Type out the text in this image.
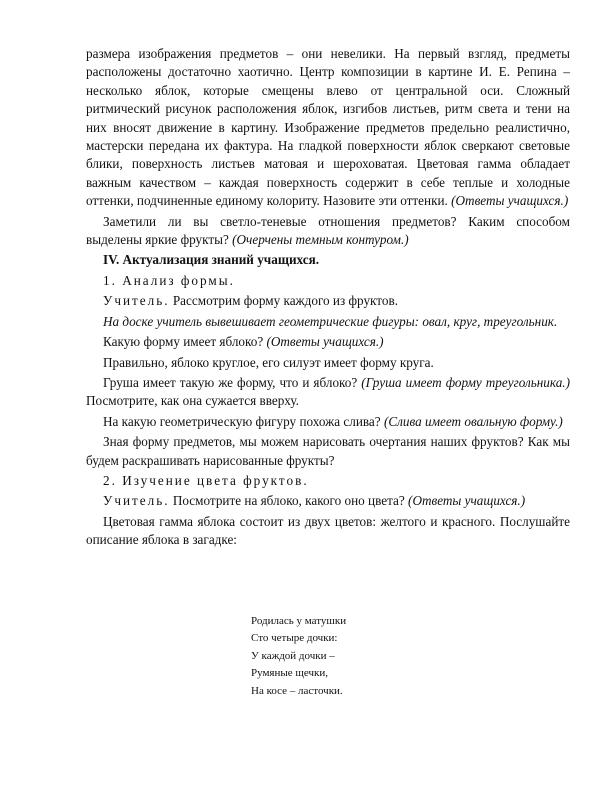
размера изображения предметов – они невелики. На первый взгляд, предметы расположены достаточно хаотично. Центр композиции в картине И. Е. Репина – несколько яблок, которые смещены влево от центральной оси. Сложный ритмический рисунок расположения яблок, изгибов листьев, ритм света и тени на них вносят движение в картину. Изображение предметов предельно реалистично, мастерски передана их фактура. На гладкой поверхности яблок сверкают световые блики, поверхность листьев матовая и шероховатая. Цветовая гамма обладает важным качеством – каждая поверхность содержит в себе теплые и холодные оттенки, подчиненные единому колориту. Назовите эти оттенки. (Ответы учащихся.)

Заметили ли вы светло-теневые отношения предметов? Каким способом выделены яркие фрукты? (Очерчены темным контуром.)

IV. Актуализация знаний учащихся.

1. Анализ формы.

Учитель. Рассмотрим форму каждого из фруктов.

На доске учитель вывешивает геометрические фигуры: овал, круг, треугольник.

Какую форму имеет яблоко? (Ответы учащихся.)

Правильно, яблоко круглое, его силуэт имеет форму круга.

Груша имеет такую же форму, что и яблоко? (Груша имеет форму треугольника.) Посмотрите, как она сужается вверху.

На какую геометрическую фигуру похожа слива? (Слива имеет овальную форму.)

Зная форму предметов, мы можем нарисовать очертания наших фруктов? Как мы будем раскрашивать нарисованные фрукты?

2. Изучение цвета фруктов.

Учитель. Посмотрите на яблоко, какого оно цвета? (Ответы учащихся.)

Цветовая гамма яблока состоит из двух цветов: желтого и красного. Послушайте описание яблока в загадке:

Родилась у матушки
Сто четыре дочки:
У каждой дочки –
Румяные щечки,
На косе – ласточки.
